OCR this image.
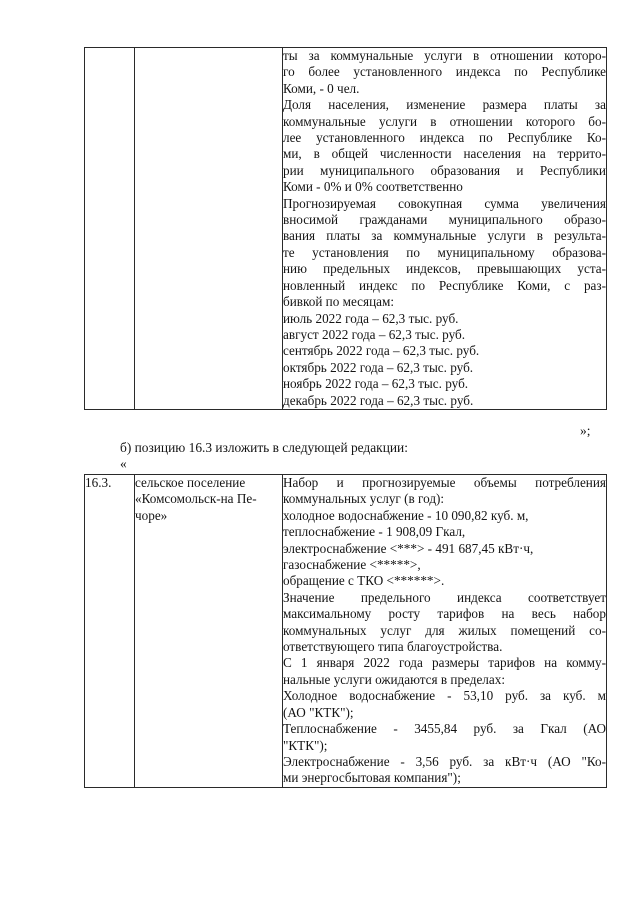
ты за коммунальные услуги в отношении которо-
го более установленного индекса по Республике
Коми, - 0 чел.
Доля населения, изменение размера платы за
коммунальные услуги в отношении которого бо-
лее установленного индекса по Республике Ко-
ми, в общей численности населения на террито-
рии муниципального образования и Республики
Коми - 0% и 0% соответственно
Прогнозируемая совокупная сумма увеличения
вносимой гражданами муниципального образо-
вания платы за коммунальные услуги в результа-
те установления по муниципальному образова-
нию предельных индексов, превышающих уста-
новленный индекс по Республике Коми, с раз-
бивкой по месяцам:
июль 2022 года – 62,3 тыс. руб.
август 2022 года – 62,3 тыс. руб.
сентябрь 2022 года – 62,3 тыс. руб.
октябрь 2022 года – 62,3 тыс. руб.
ноябрь 2022 года – 62,3 тыс. руб.
декабрь 2022 года – 62,3 тыс. руб.
»;
б) позицию 16.3 изложить в следующей редакции:
«
16.3.	сельское поселение
«Комсомольск-на Пе-
чоре»

Набор и прогнозируемые объемы потребления
коммунальных услуг (в год):
холодное водоснабжение - 10 090,82 куб. м,
теплоснабжение - 1 908,09 Гкал,
электроснабжение <***> - 491 687,45 кВт·ч,
газоснабжение <*****>,
обращение с ТКО <******>.
Значение предельного индекса соответствует
максимальному росту тарифов на весь набор
коммунальных услуг для жилых помещений со-
ответствующего типа благоустройства.
С 1 января 2022 года размеры тарифов на комму-
нальные услуги ожидаются в пределах:
Холодное водоснабжение - 53,10 руб. за куб. м
(АО "КТК");
Теплоснабжение - 3455,84 руб. за Гкал (АО
"КТК");
Электроснабжение - 3,56 руб. за кВт·ч (АО "Ко-
ми энергосбытовая компания");
